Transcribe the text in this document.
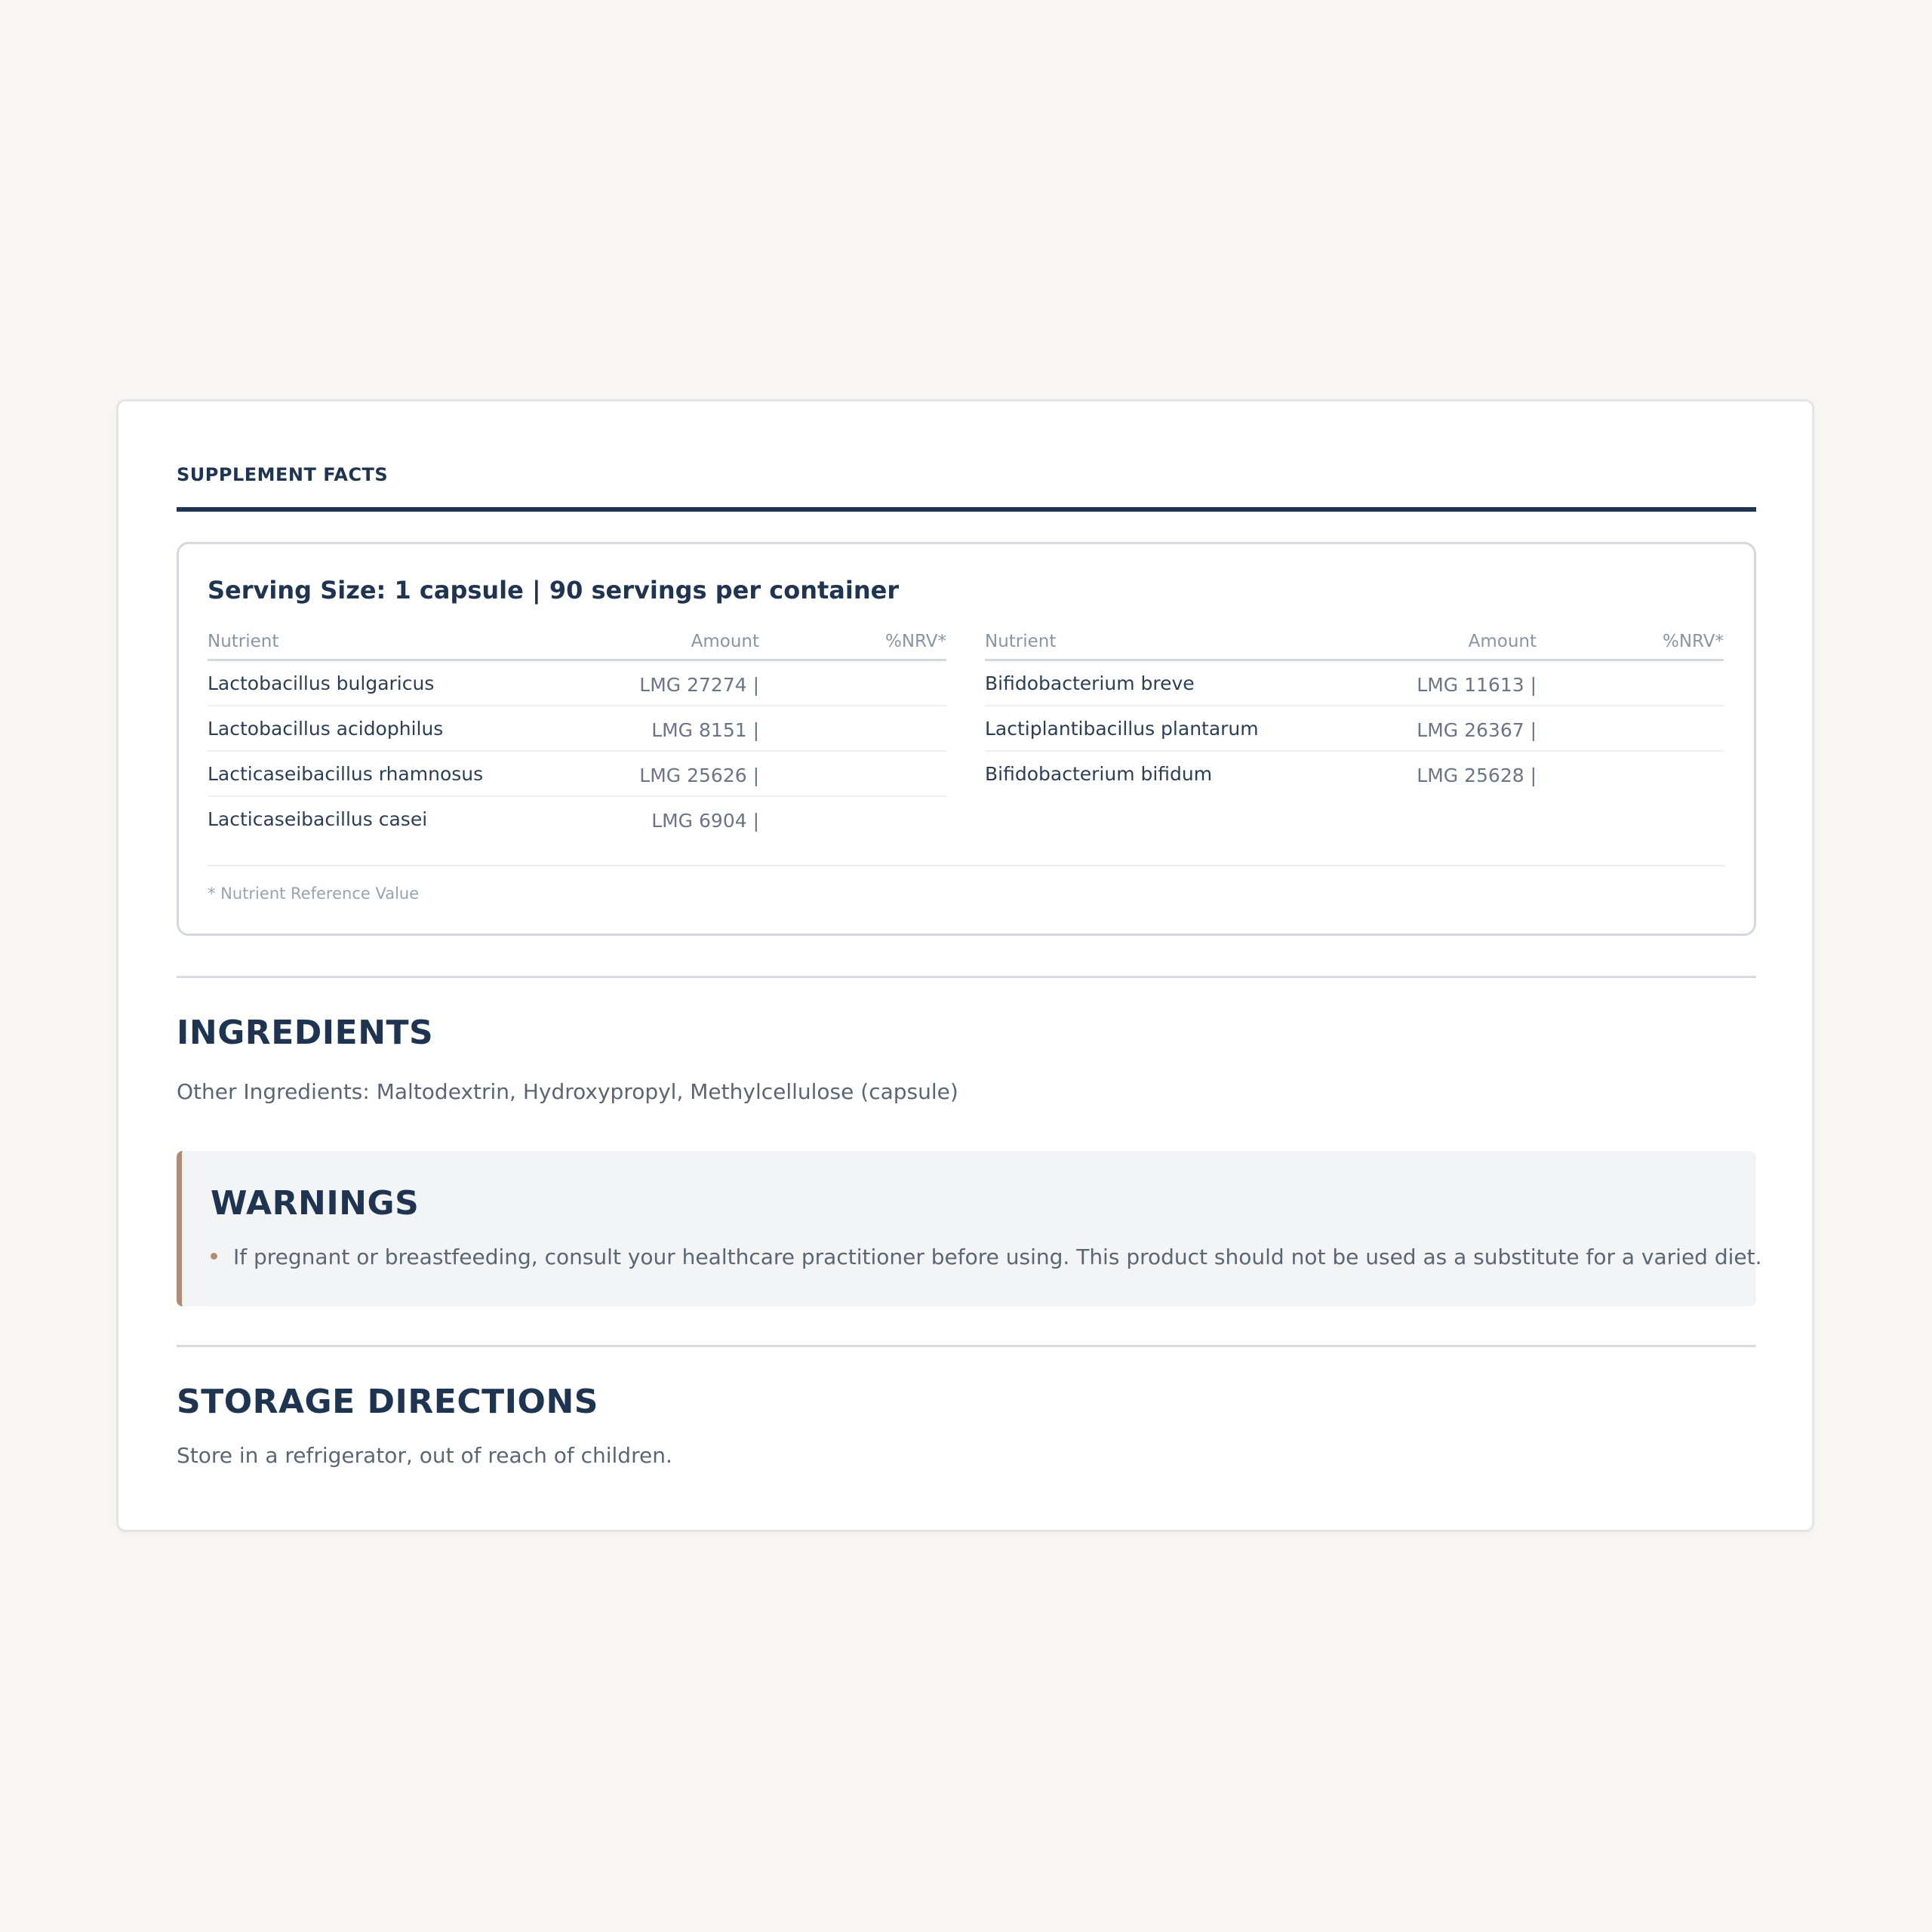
SUPPLEMENT FACTS
Serving Size: 1 capsule | 90 servings per container
Nutrient	Amount	%NRV*
Lactobacillus bulgaricus	LMG 27274 |
Lactobacillus acidophilus	LMG 8151 |
Lacticaseibacillus rhamnosus	LMG 25626 |
Lacticaseibacillus casei	LMG 6904 |
Nutrient	Amount	%NRV*
Bifidobacterium breve	LMG 11613 |
Lactiplantibacillus plantarum	LMG 26367 |
Bifidobacterium bifidum	LMG 25628 |
* Nutrient Reference Value
INGREDIENTS
Other Ingredients: Maltodextrin, Hydroxypropyl, Methylcellulose (capsule)
WARNINGS
If pregnant or breastfeeding, consult your healthcare practitioner before using. This product should not be used as a substitute for a varied diet.
STORAGE DIRECTIONS
Store in a refrigerator, out of reach of children.
